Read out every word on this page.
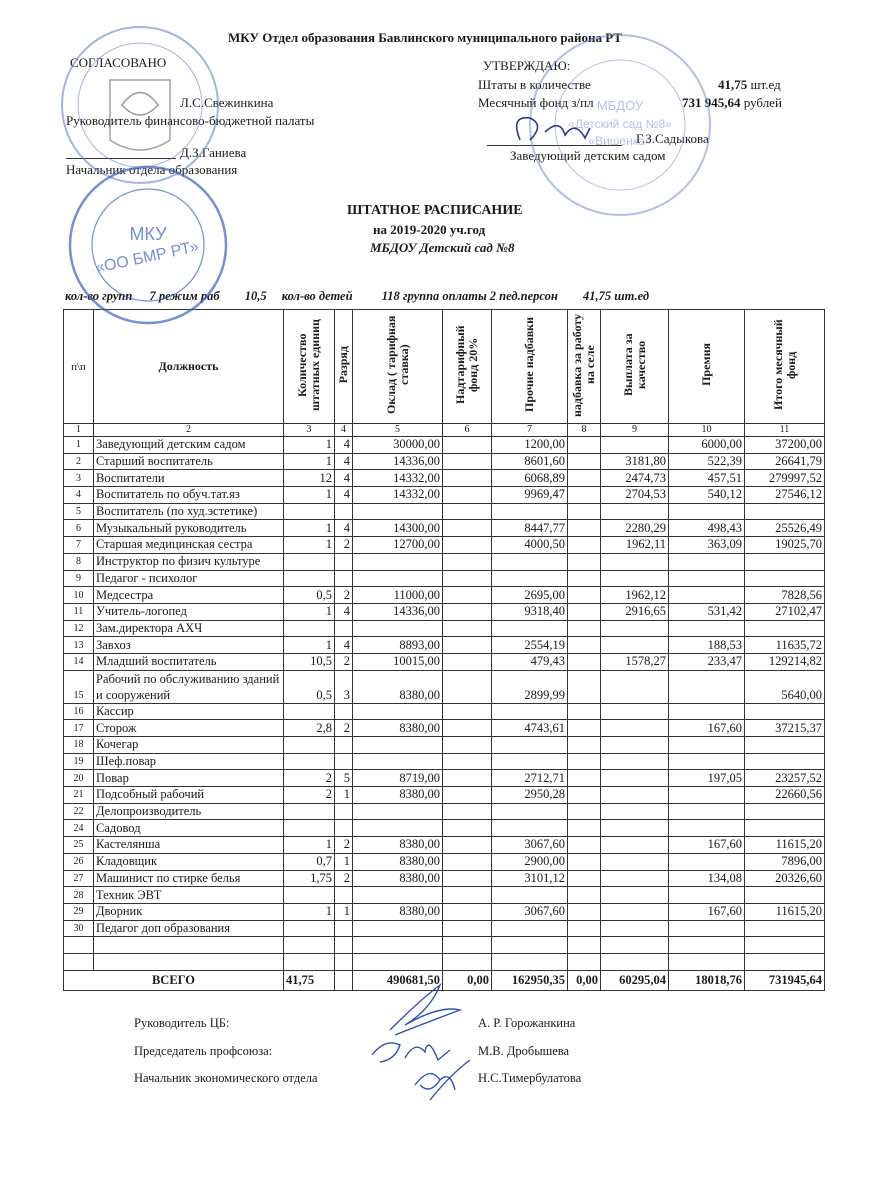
МКУ Отдел образования Бавлинского муниципального района РТ
СОГЛАСОВАНО
Л.С.Свежинкина
Руководитель финансово-бюджетной палаты
Д.З.Ганиева
Начальник отдела образования
УТВЕРЖДАЮ:
Штаты в количестве	41,75 шт.ед
Месячный фонд з/пл	731 945,64 рублей
Г.З.Садыкова
Заведующий детским садом
ШТАТНОЕ РАСПИСАНИЕ
на 2019-2020 уч.год
МБДОУ Детский сад №8
кол-во групп 7 режим раб 10,5 кол-во детей 118 группа оплаты 2 пед.персон 41,75 шт.ед
п\п	Должность	Количество штатных единиц	Разряд	Оклад ( тарифная ставка)	Надтарифный фонд 20%	Прочие надбавки	надбавка за работу на селе	Выплата за качество	Премия	Итого месячный фонд
1	2	3	4	5	6	7	8	9	10	11
1	Заведующий детским садом	1	4	30000,00		1200,00			6000,00	37200,00
2	Старший воспитатель	1	4	14336,00		8601,60		3181,80	522,39	26641,79
3	Воспитатели	12	4	14332,00		6068,89		2474,73	457,51	279997,52
4	Воспитатель по обуч.тат.яз	1	4	14332,00		9969,47		2704,53	540,12	27546,12
5	Воспитатель (по худ.эстетике)									
6	Музыкальный руководитель	1	4	14300,00		8447,77		2280,29	498,43	25526,49
7	Старшая медицинская сестра	1	2	12700,00		4000,50		1962,11	363,09	19025,70
8	Инструктор по физич культуре									
9	Педагог - психолог									
10	Медсестра	0,5	2	11000,00		2695,00		1962,12		7828,56
11	Учитель-логопед	1	4	14336,00		9318,40		2916,65	531,42	27102,47
12	Зам.директора АХЧ									
13	Завхоз	1	4	8893,00		2554,19			188,53	11635,72
14	Младший воспитатель	10,5	2	10015,00		479,43		1578,27	233,47	129214,82
15	Рабочий по обслуживанию зданий и сооружений	0,5	3	8380,00		2899,99				5640,00
16	Кассир									
17	Сторож	2,8	2	8380,00		4743,61			167,60	37215,37
18	Кочегар									
19	Шеф.повар									
20	Повар	2	5	8719,00		2712,71			197,05	23257,52
21	Подсобный рабочий	2	1	8380,00		2950,28				22660,56
22	Делопроизводитель									
24	Садовод									
25	Кастелянша	1	2	8380,00		3067,60			167,60	11615,20
26	Кладовщик	0,7	1	8380,00		2900,00				7896,00
27	Машинист по стирке белья	1,75	2	8380,00		3101,12			134,08	20326,60
28	Техник ЭВТ									
29	Дворник	1	1	8380,00		3067,60			167,60	11615,20
30	Педагог доп образования									

ВСЕГО		41,75		490681,50	0,00	162950,35	0,00	60295,04	18018,76	731945,64
Руководитель ЦБ:	А. Р. Горожанкина
Председатель профсоюза:	М.В. Дробышева
Начальник экономического отдела	Н.С.Тимербулатова
МКУ
«ОО БМР РТ»
МБДОУ
«Детский сад №8»
«Вишенка»
